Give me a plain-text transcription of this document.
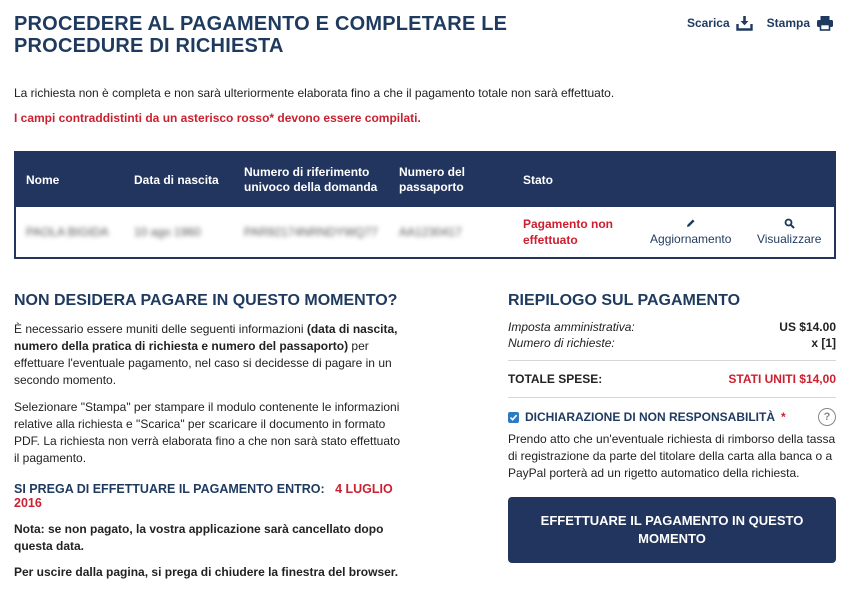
PROCEDERE AL PAGAMENTO E COMPLETARE LE PROCEDURE DI RICHIESTA
Scarica	Stampa

La richiesta non è completa e non sarà ulteriormente elaborata fino a che il pagamento totale non sarà effettuato.

I campi contraddistinti da un asterisco rosso* devono essere compilati.

Nome	Data di nascita	Numero di riferimento univoco della domanda	Numero del passaporto	Stato		
PAOLA BIGIDA	10 ago 1960	PAR92174NRNDYWQ77	AA1230417	Pagamento non effettuato	Aggiornamento	Visualizzare
NON DESIDERA PAGARE IN QUESTO MOMENTO?

È necessario essere muniti delle seguenti informazioni (data di nascita, numero della pratica di richiesta e numero del passaporto) per effettuare l'eventuale pagamento, nel caso si decidesse di pagare in un secondo momento.

Selezionare "Stampa" per stampare il modulo contenente le informazioni relative alla richiesta e "Scarica" per scaricare il documento in formato PDF. La richiesta non verrà elaborata fino a che non sarà stato effettuato il pagamento.

SI PREGA DI EFFETTUARE IL PAGAMENTO ENTRO: 4 LUGLIO 2016

Nota: se non pagato, la vostra applicazione sarà cancellato dopo questa data.

Per uscire dalla pagina, si prega di chiudere la finestra del browser.

RIEPILOGO SUL PAGAMENTO
Imposta amministrativa:	US $14.00
Numero di richieste:	x [1]
TOTALE SPESE:	STATI UNITI $14,00
DICHIARAZIONE DI NON RESPONSABILITÀ *	?

Prendo atto che un'eventuale richiesta di rimborso della tassa di registrazione da parte del titolare della carta alla banca o a PayPal porterà ad un rigetto automatico della richiesta.

EFFETTUARE IL PAGAMENTO IN QUESTO MOMENTO
